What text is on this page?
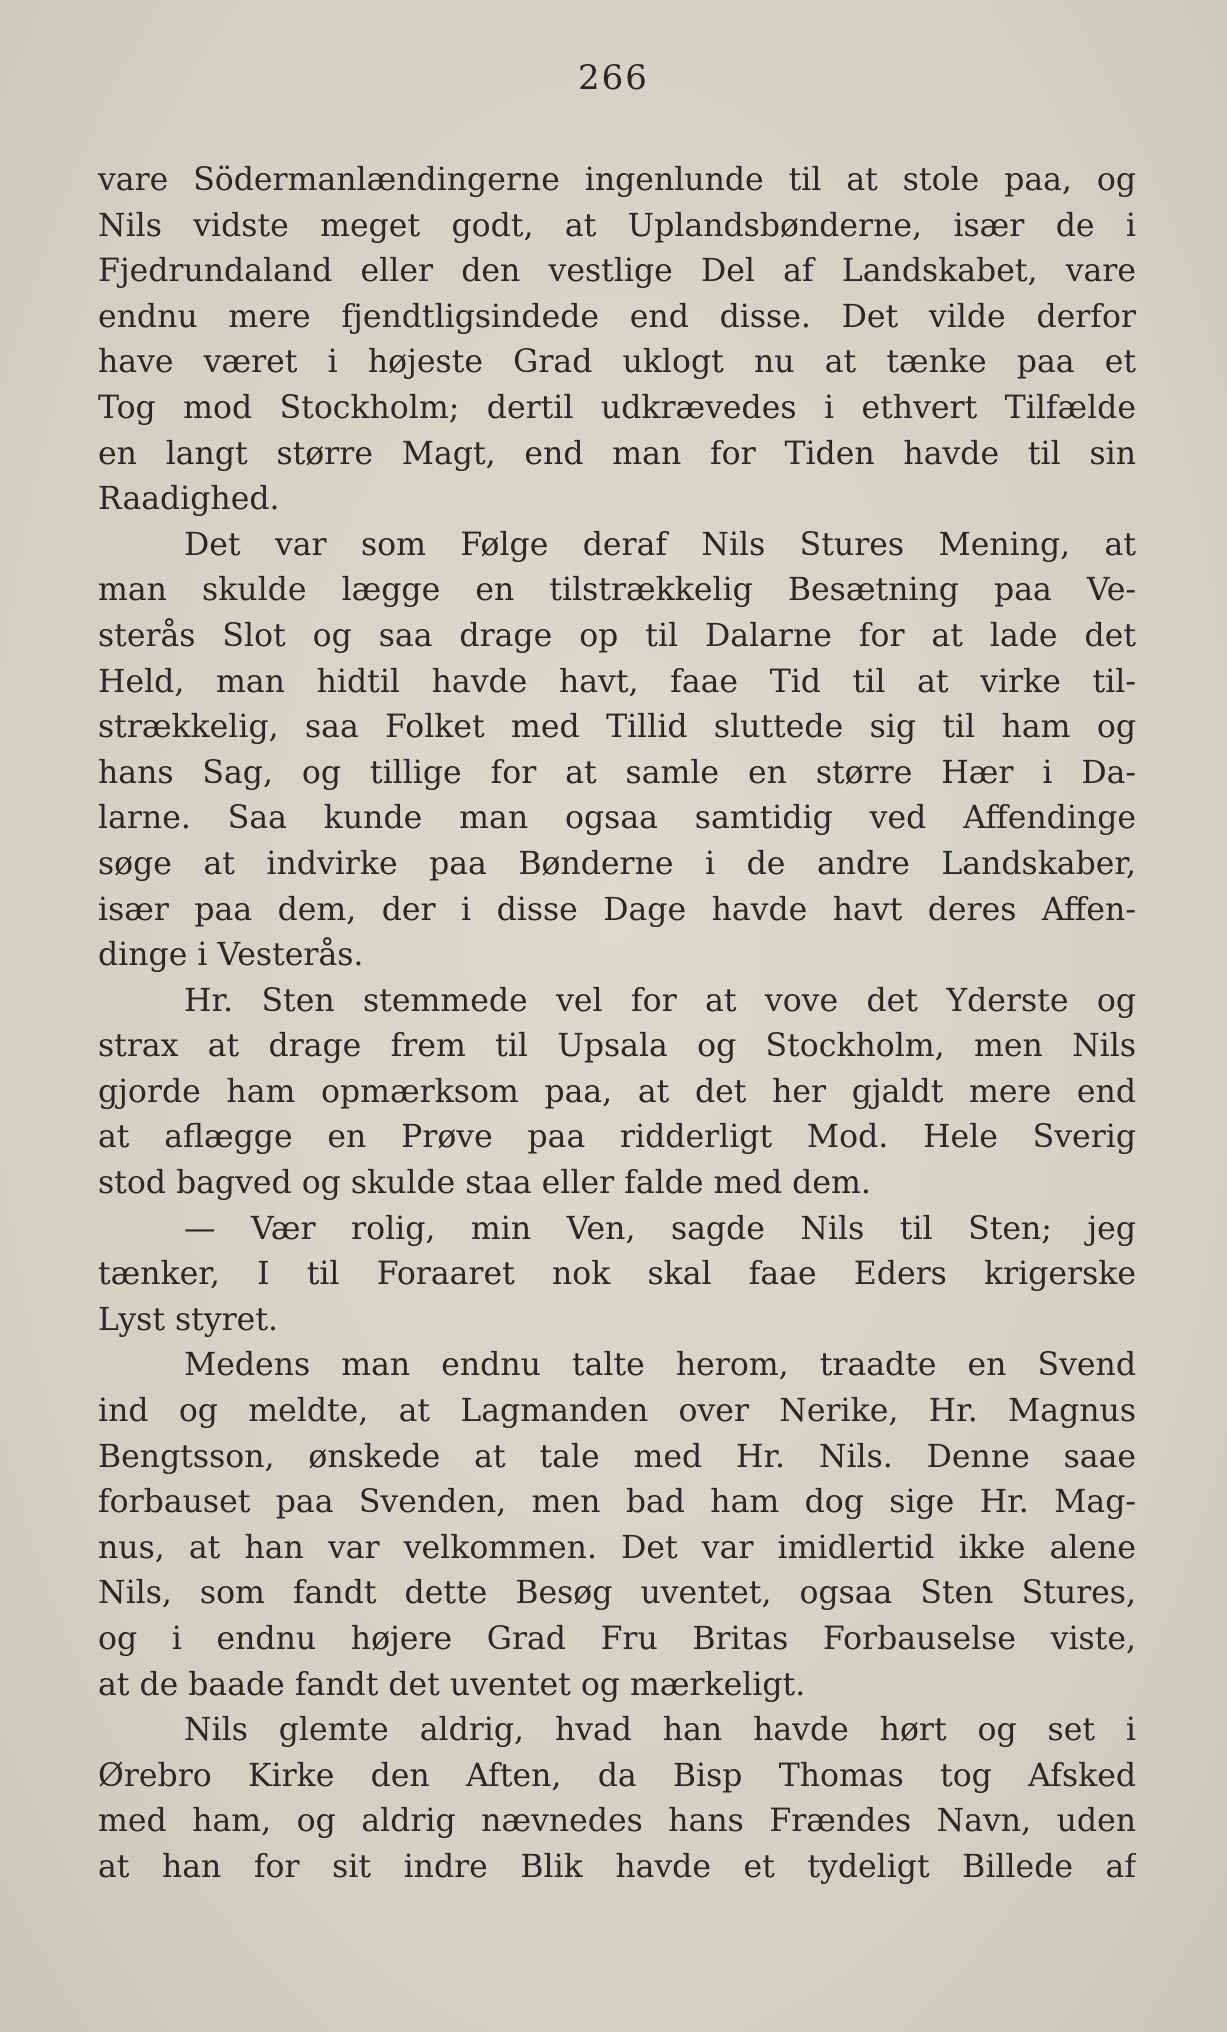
266
vare Södermanlændingerne ingenlunde til at stole paa, og
Nils vidste meget godt, at Uplandsbønderne, især de i
Fjedrundaland eller den vestlige Del af Landskabet, vare
endnu mere fjendtligsindede end disse. Det vilde derfor
have været i højeste Grad uklogt nu at tænke paa et
Tog mod Stockholm; dertil udkrævedes i ethvert Tilfælde
en langt større Magt, end man for Tiden havde til sin
Raadighed.
Det var som Følge deraf Nils Stures Mening, at
man skulde lægge en tilstrækkelig Besætning paa Ve-
sterås Slot og saa drage op til Dalarne for at lade det
Held, man hidtil havde havt, faae Tid til at virke til-
strækkelig, saa Folket med Tillid sluttede sig til ham og
hans Sag, og tillige for at samle en større Hær i Da-
larne. Saa kunde man ogsaa samtidig ved Affendinge
søge at indvirke paa Bønderne i de andre Landskaber,
især paa dem, der i disse Dage havde havt deres Affen-
dinge i Vesterås.
Hr. Sten stemmede vel for at vove det Yderste og
strax at drage frem til Upsala og Stockholm, men Nils
gjorde ham opmærksom paa, at det her gjaldt mere end
at aflægge en Prøve paa ridderligt Mod. Hele Sverig
stod bagved og skulde staa eller falde med dem.
— Vær rolig, min Ven, sagde Nils til Sten; jeg
tænker, I til Foraaret nok skal faae Eders krigerske
Lyst styret.
Medens man endnu talte herom, traadte en Svend
ind og meldte, at Lagmanden over Nerike, Hr. Magnus
Bengtsson, ønskede at tale med Hr. Nils. Denne saae
forbauset paa Svenden, men bad ham dog sige Hr. Mag-
nus, at han var velkommen. Det var imidlertid ikke alene
Nils, som fandt dette Besøg uventet, ogsaa Sten Stures,
og i endnu højere Grad Fru Britas Forbauselse viste,
at de baade fandt det uventet og mærkeligt.
Nils glemte aldrig, hvad han havde hørt og set i
Ørebro Kirke den Aften, da Bisp Thomas tog Afsked
med ham, og aldrig nævnedes hans Frændes Navn, uden
at han for sit indre Blik havde et tydeligt Billede af
